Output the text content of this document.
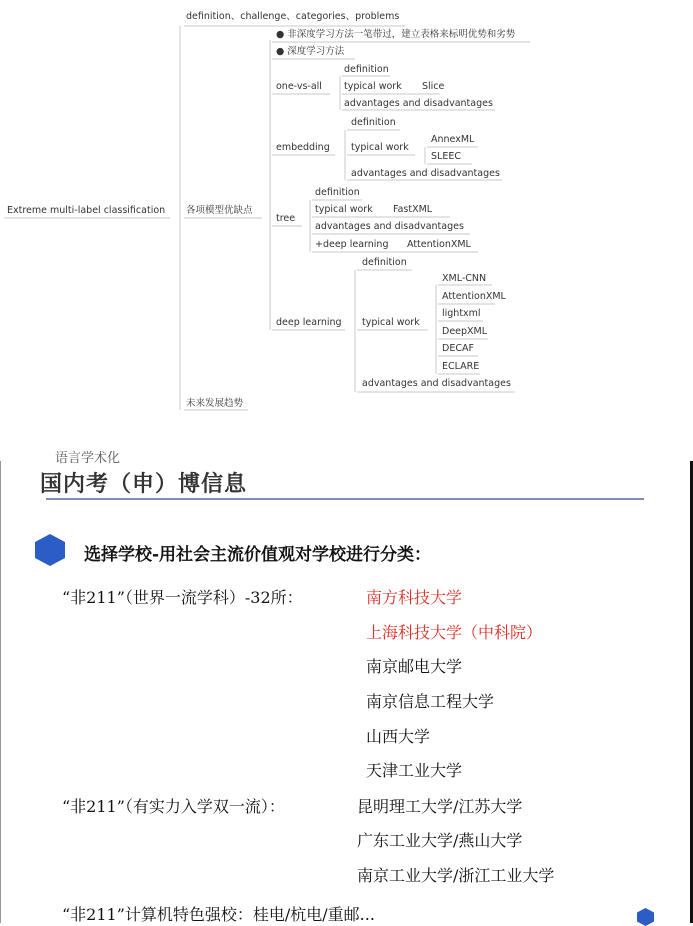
Extreme multi-label classification
definition、challenge、categories、problems
各项模型优缺点
未来发展趋势
● 非深度学习方法一笔带过，建立表格来标明优势和劣势
● 深度学习方法
one-vs-all
definition
typical work Slice
advantages and disadvantages
embedding
definition
typical work
AnnexML
SLEEC
advantages and disadvantages
tree
definition
typical work FastXML
advantages and disadvantages
+deep learning AttentionXML
deep learning
definition
typical work
XML-CNN
AttentionXML
lightxml
DeepXML
DECAF
ECLARE
advantages and disadvantages
语言学术化
国内考（申）博信息
选择学校-用社会主流价值观对学校进行分类：
“非211”（世界一流学科）-32所：	南方科技大学
上海科技大学（中科院）
南京邮电大学
南京信息工程大学
山西大学
天津工业大学
“非211”（有实力入学双一流）：	昆明理工大学/江苏大学
广东工业大学/燕山大学
南京工业大学/浙江工业大学
“非211”计算机特色强校：桂电/杭电/重邮...
